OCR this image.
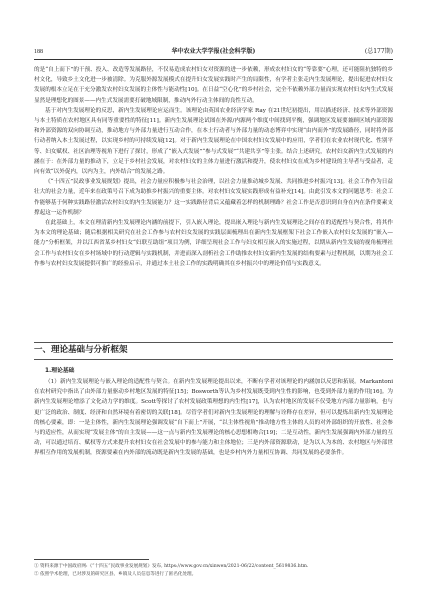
188	华中农业大学学报(社会科学版)	(总177期)

的是“自上而下”的干预、投入、改造等发展路径，不仅易造成农村妇女对资源的进一步依赖，形成农村妇女的“等靠要”心理，还可能阻抗独特的乡村文化，导致乡土文化进一步被清除。为克服外源发展模式在提升妇女发展实践时产生的局限性，有学者主张走内生发展理论，提出促进农村妇女发展的根本立足在于充分激发农村妇女发展的主体性与能动性[10]。在日益“空心化”的乡村社会，完全不依赖外部力量而实现农村妇女内生式发展显然是理想化的图景——内生式发展需要打破地域限制，推动内外行动主体间的良性互动。

基于对内生发展理论的反思，新内生发展理论应运而生。该理论由英国农业经济学家 Ray 在21世纪初提出，用以描述经济、技术等外部资源与本土特质在农村地区具有同等重要性的特征[11]。新内生发展理论试图在外源/内源两个维度中间找到平衡，强调地区发展要兼顾区域内部资源和外部资源的双向协调互动，推动地方与外部力量进行互动合作，在本土行动者与外部力量的动态博弈中实现“由内而外”的发展路径，同时将外部行动者纳入本土发展过程，以实现乡村的可持续发展[12]。对于新内生发展理论在中国农村妇女发展中的应用，学者们在农业农村现代化、性别平等、妇女赋权、社区治理等视角下进行了探讨，形成了“嵌入式发展”“参与式发展”“共建共享”等主张。结合上述研究，农村妇女新内生式发展的内涵在于：在外部力量的推动下，立足于乡村社会发展，对农村妇女的主体力量进行激活和提升，使农村妇女在成为乡村建设的主导者与受益者，走向有效“以外促内，以内为主，内外结合”的发展之路。

《“十四五”民政事业发展规划》提出，社会力量应积极参与社会治理，以社会力量推动城乡发展、共同推进乡村振兴[13]。社会工作作为日益壮大的社会力量，近年来在政策号召下成为助推乡村振兴的重要主体。对农村妇女发展实践形成有益补充[14]。由此引发本文的问题思考：社会工作能够基于何种实践路径激活农村妇女的内生发展能力？这一实践路径背后又蕴藏着怎样的机制理路？社会工作是否意识到自身在内在条件要素支撑起这一运作机制？

在此基础上，本文在理清新内生发展理论内涵的前提下，引入嵌入理论，提出嵌入理论与新内生发展理论之间存在的适配性与契合性，将其作为本文的理论基础；随后根据相关研究在社会工作参与农村妇女发展的实践层面梳理出在新内生发展框架下社会工作嵌入农村妇女发展的“嵌入—能力”分析框架，并以江西省某乡村妇女“妇联互助组”项目为例，详细呈现社会工作与妇女相互嵌入的实施过程，以期从新内生发展的视角梳理社会工作与农村妇女在乡村场域中的行动逻辑与实践机制，并进而深入剖析社会工作助推农村妇女新内生发展的结构要素与过程机制，以期为社会工作参与农村妇女发展提供可推广的经验启示，并通过本土社会工作的实践明确其在乡村振兴中的理论价值与实践意义。

一、理论基础与分析框架
1.理论基础

（1）新内生发展理论与嵌入理论的适配性与契合。在新内生发展理论提出以来，不断有学者对该理论的内涵加以反思和拓展。Markantoni在农村研究中指出了由外部力量驱动乡村地区发展的特征[15]；Bosworth等认为乡村发展既受到内生性的影响，也受到外部力量的作用[16]。为新内生发展理论增添了文化动力学的维度。Scott等探讨了农村发展政策理想的内生性[17]，认为农村地区的发展不仅受地方内部力量影响，也与更广泛的政治、制度、经济和自然环境有着密切的关联[18]。尽管学者们对新内生发展理论的理解与诠释存在差异，但可以提炼出新内生发展理论的核心要素，即：一是主体性，新内生发展理论强调发展“自下而上”开展，“以主体性视角”推动地方性主体的人员的对外部组织的开放性、社会参与的适应性，从而实现“发展主体”的自主发展——这一点与新内生发展理论的核心思想相吻合[19]；二是互动性，新内生发展强调内外部力量的互动，可以通过培育、赋权等方式来提升农村妇女在社会发展中的参与能力和主体地位；三是内外部资源联动，是为以人为本的、农村地区与外部世界相互作用的发展机制，资源要素在内外部的流动既是新内生发展的基础，也是乡村内外力量相互协调、共同发展的必要条件。

① 资料来源于中国政府网:《“十四五”民政事业发展规划》发布, https://www.gov.cn/xinwen/2021-06/22/content_5619836.htm.
② 依照学术伦理，已对涉及的研究区县、乡镇及人员信息等进行了匿名化处理。
